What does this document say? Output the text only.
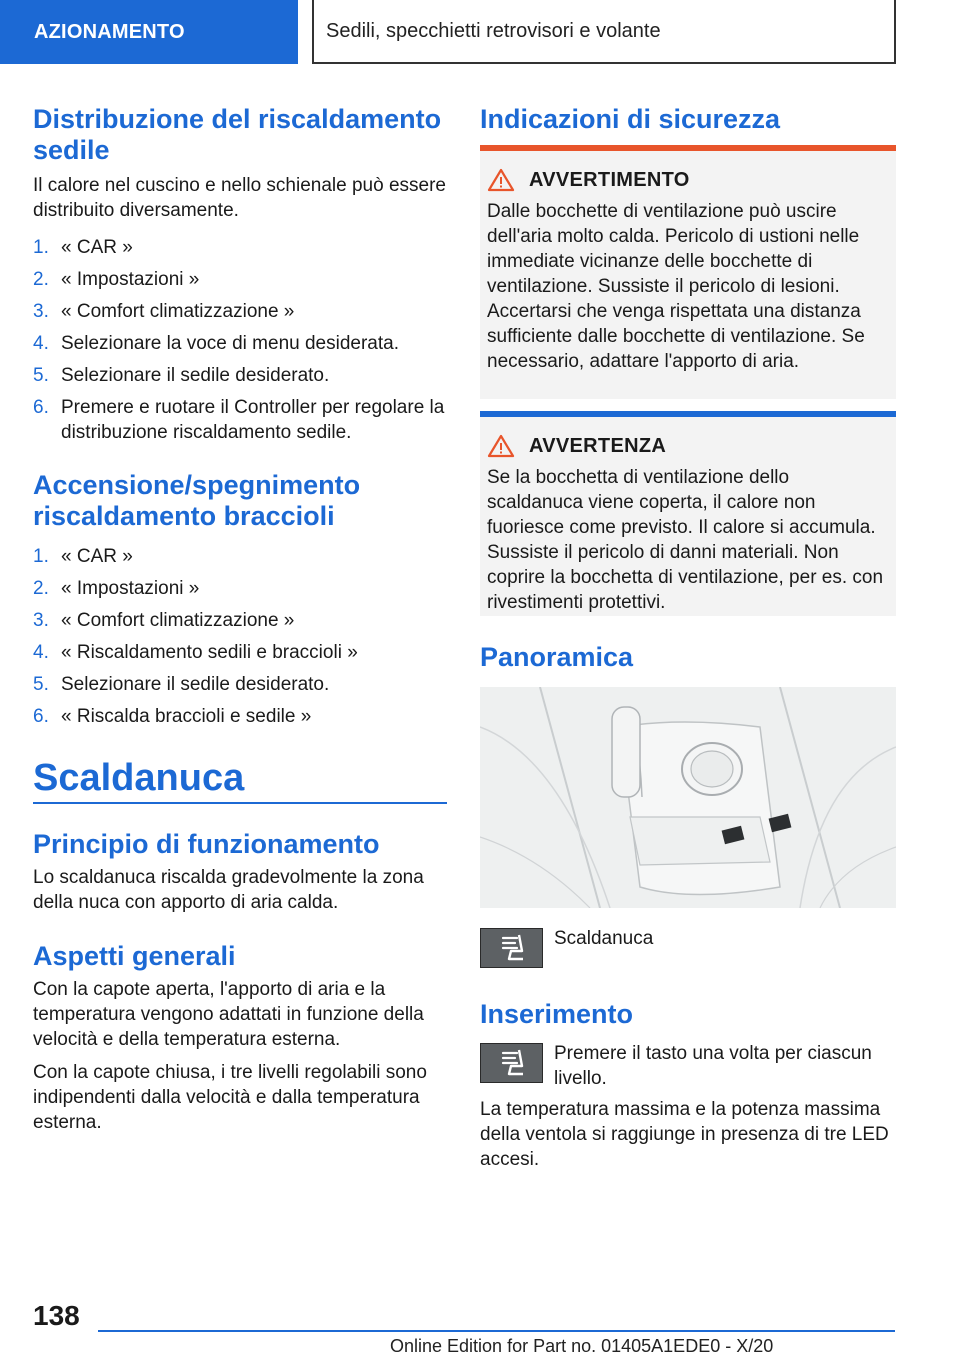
AZIONAMENTO	Sedili, specchietti retrovisori e volante
Distribuzione del riscaldamento sedile

Il calore nel cuscino e nello schienale può essere distribuito diversamente.

1. « CAR »
2. « Impostazioni »
3. « Comfort climatizzazione »
4. Selezionare la voce di menu desiderata.
5. Selezionare il sedile desiderato.
6. Premere e ruotare il Controller per regolare la distribuzione riscaldamento sedile.
Accensione/spegnimento riscaldamento braccioli
1. « CAR »
2. « Impostazioni »
3. « Comfort climatizzazione »
4. « Riscaldamento sedili e braccioli »
5. Selezionare il sedile desiderato.
6. « Riscalda braccioli e sedile »
Scaldanuca
Principio di funzionamento

Lo scaldanuca riscalda gradevolmente la zona della nuca con apporto di aria calda.

Aspetti generali

Con la capote aperta, l'apporto di aria e la temperatura vengono adattati in funzione della velocità e della temperatura esterna.

Con la capote chiusa, i tre livelli regolabili sono indipendenti dalla velocità e dalla temperatura esterna.

Indicazioni di sicurezza
AVVERTIMENTO
Dalle bocchette di ventilazione può uscire dell'aria molto calda. Pericolo di ustioni nelle immediate vicinanze delle bocchette di ventilazione. Sussiste il pericolo di lesioni. Accertarsi che venga rispettata una distanza sufficiente dalle bocchette di ventilazione. Se necessario, adattare l'apporto di aria.
AVVERTENZA
Se la bocchetta di ventilazione dello scaldanuca viene coperta, il calore non fuoriesce come previsto. Il calore si accumula. Sussiste il pericolo di danni materiali. Non coprire la bocchetta di ventilazione, per es. con rivestimenti protettivi.
Panoramica
Scaldanuca
Inserimento
Premere il tasto una volta per ciascun livello.
La temperatura massima e la potenza massima della ventola si raggiunge in presenza di tre LED accesi.
138
Online Edition for Part no. 01405A1EDE0 - X/20
